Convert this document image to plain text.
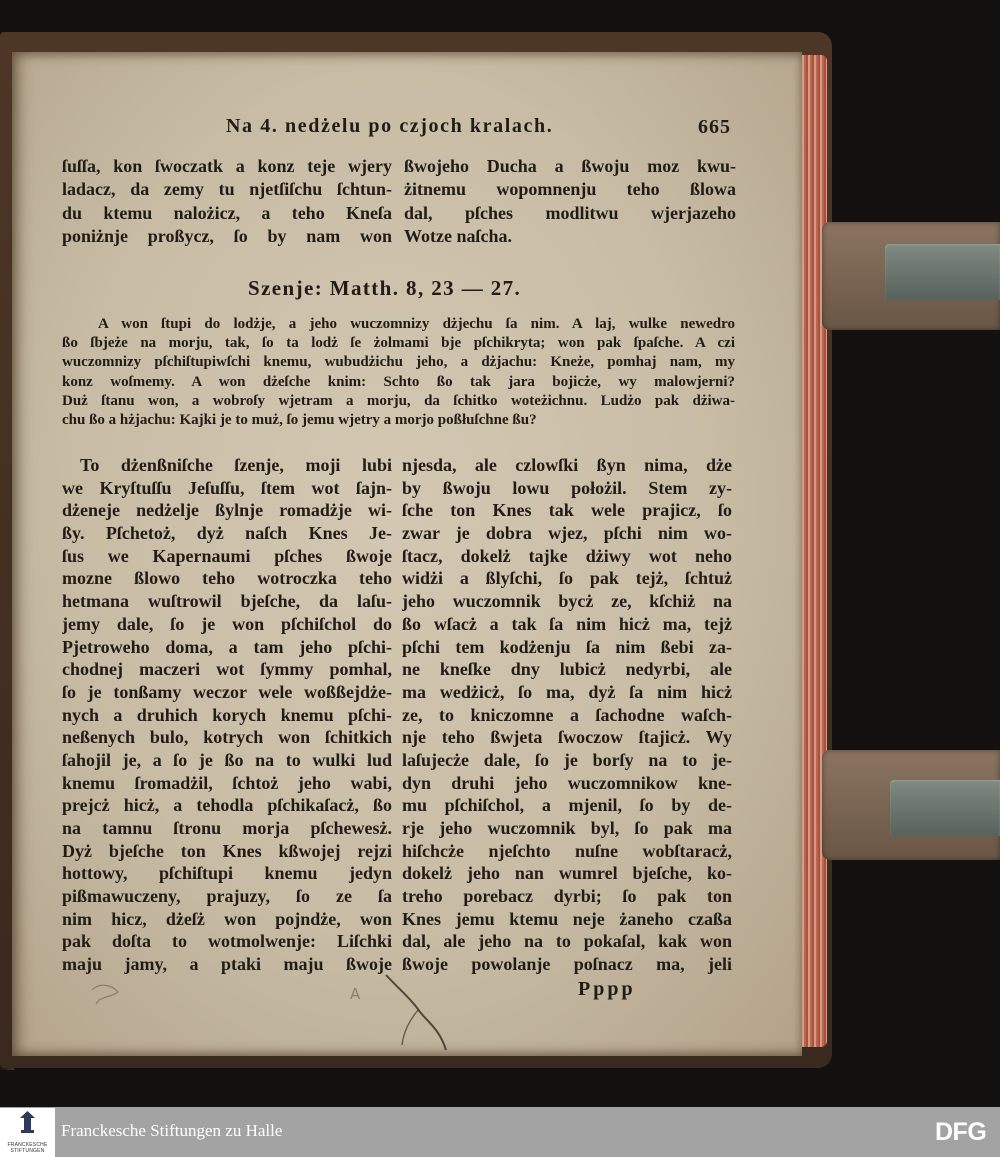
Na 4. nedżelu po czjoch kralach.	665
ſuſſa, kon ſwoczatk a konz teje wjery
ladacz, da zemy tu njetſiſchu ſchtun-
du ktemu nalożicz, a teho Kneſa
poniżnje proßycz, ſo by nam won
ßwojeho Ducha a ßwoju moz kwu-
żitnemu wopomnenju teho ßlowa
dal, pſches modlitwu wjerjazeho
Wotze naſcha.
Szenje: Matth. 8, 23 — 27.
A won ſtupi do lodżje, a jeho wuczomnizy dżjechu ſa nim. A laj, wulke newedro
ßo ſbjeże na morju, tak, ſo ta lodż ſe żolmami bje pſchikryta; won pak ſpaſche. A czi
wuczomnizy pſchiſtupiwſchi knemu, wubudżichu jeho, a dżjachu: Kneże, pomhaj nam, my
konz woſmemy. A won dżeſche knim: Schto ßo tak jara bojicże, wy malowjerni?
Duż ſtanu won, a wobroſy wjetram a morju, da ſchitko woteżichnu. Ludżo pak dżiwa-
chu ßo a hżjachu: Kajki je to muż, ſo jemu wjetry a morjo poßłuſchne ßu?
To dżenßniſche ſzenje, moji lubi
we Kryſtuſſu Jeſuſſu, ſtem wot ſajn-
dżeneje nedżelje ßylnje romadżje wi-
ßy. Pſchetoż, dyż naſch Knes Je-
ſus we Kapernaumi pſches ßwoje
mozne ßlowo teho wotroczka teho
hetmana wuſtrowil bjeſche, da laſu-
jemy dale, ſo je won pſchiſchol do
Pjetroweho doma, a tam jeho pſchi-
chodnej maczeri wot ſymmy pomhal,
ſo je tonßamy weczor wele woßßejdże-
nych a druhich korych knemu pſchi-
neßenych bulo, kotrych won ſchitkich
ſahojil je, a ſo je ßo na to wulki lud
knemu ſromadżil, ſchtoż jeho wabi,
prejcż hicż, a tehodla pſchikaſacż, ßo
na tamnu ſtronu morja pſchewesż.
Dyż bjeſche ton Knes kßwojej rejzi
hottowy, pſchiſtupi knemu jedyn
pißmawuczeny, prajuzy, ſo ze ſa
nim hicz, dżeſż won pojndże, won
pak doſta to wotmolwenje: Liſchki
maju jamy, a ptaki maju ßwoje
njesda, ale czlowſki ßyn nima, dże
by ßwoju lowu położil. Stem zy-
ſche ton Knes tak wele prajicz, ſo
zwar je dobra wjez, pſchi nim wo-
ſtacz, dokelż tajke dżiwy wot neho
widżi a ßlyſchi, ſo pak tejż, ſchtuż
jeho wuczomnik bycż ze, kſchiż na
ßo wſacż a tak ſa nim hicż ma, tejż
pſchi tem kodżenju ſa nim ßebi za-
ne kneſke dny lubicż nedyrbi, ale
ma wedżicż, ſo ma, dyż ſa nim hicż
ze, to kniczomne a ſachodne waſch-
nje teho ßwjeta ſwoczow ſtajicż. Wy
laſujecże dale, ſo je borſy na to je-
dyn druhi jeho wuczomnikow kne-
mu pſchiſchol, a mjenil, ſo by de-
rje jeho wuczomnik byl, ſo pak ma
hiſchcże njeſchto nuſne wobſtaracż,
dokelż jeho nan wumrel bjeſche, ko-
treho porebacz dyrbi; ſo pak ton
Knes jemu ktemu neje żaneho czaßa
dal, ale jeho na to pokaſal, kak won
ßwoje powolanje poſnacz ma, jeli
Pppp
A
FRANCKESCHE
STIFTUNGEN
Franckesche Stiftungen zu Halle	DFG
